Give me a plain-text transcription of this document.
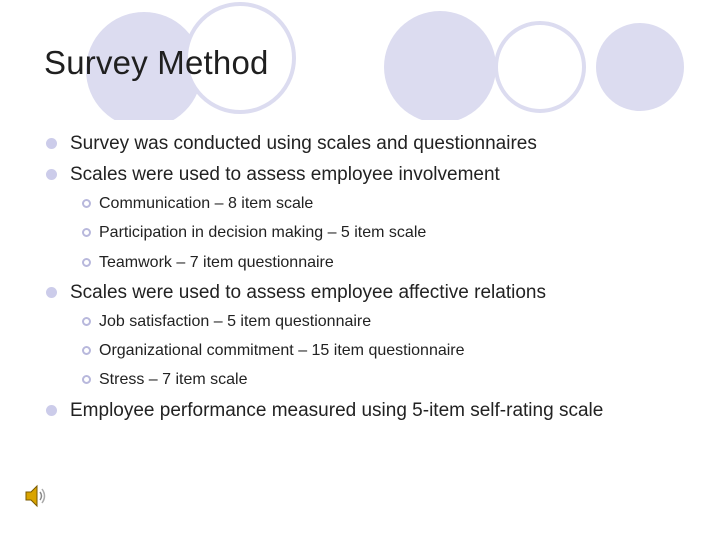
Survey Method
Survey was conducted using scales and questionnaires
Scales were used to assess employee involvement
Communication – 8 item scale
Participation in decision making – 5 item scale
Teamwork – 7 item questionnaire
Scales were used to assess employee affective relations
Job satisfaction – 5 item questionnaire
Organizational commitment – 15 item questionnaire
Stress – 7 item scale
Employee performance measured using 5-item self-rating scale
